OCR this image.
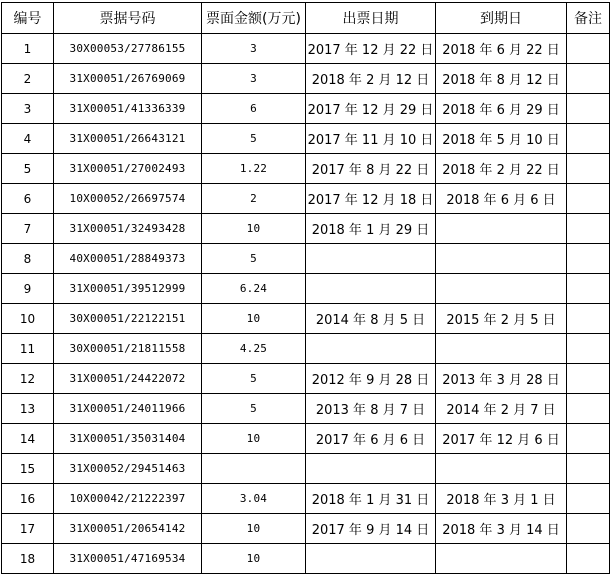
编号	票据号码	票面金额(万元)	出票日期	到期日	备注
1	30X00053/27786155	3	2017 年 12 月 22 日	2018 年 6 月 22 日	
2	31X00051/26769069	3	2018 年 2 月 12 日	2018 年 8 月 12 日	
3	31X00051/41336339	6	2017 年 12 月 29 日	2018 年 6 月 29 日	
4	31X00051/26643121	5	2017 年 11 月 10 日	2018 年 5 月 10 日	
5	31X00051/27002493	1.22	2017 年 8 月 22 日	2018 年 2 月 22 日	
6	10X00052/26697574	2	2017 年 12 月 18 日	2018 年 6 月 6 日	
7	31X00051/32493428	10	2018 年 1 月 29 日		
8	40X00051/28849373	5			
9	31X00051/39512999	6.24			
10	30X00051/22122151	10	2014 年 8 月 5 日	2015 年 2 月 5 日	
11	30X00051/21811558	4.25			
12	31X00051/24422072	5	2012 年 9 月 28 日	2013 年 3 月 28 日	
13	31X00051/24011966	5	2013 年 8 月 7 日	2014 年 2 月 7 日	
14	31X00051/35031404	10	2017 年 6 月 6 日	2017 年 12 月 6 日	
15	31X00052/29451463				
16	10X00042/21222397	3.04	2018 年 1 月 31 日	2018 年 3 月 1 日	
17	31X00051/20654142	10	2017 年 9 月 14 日	2018 年 3 月 14 日	
18	31X00051/47169534	10			
